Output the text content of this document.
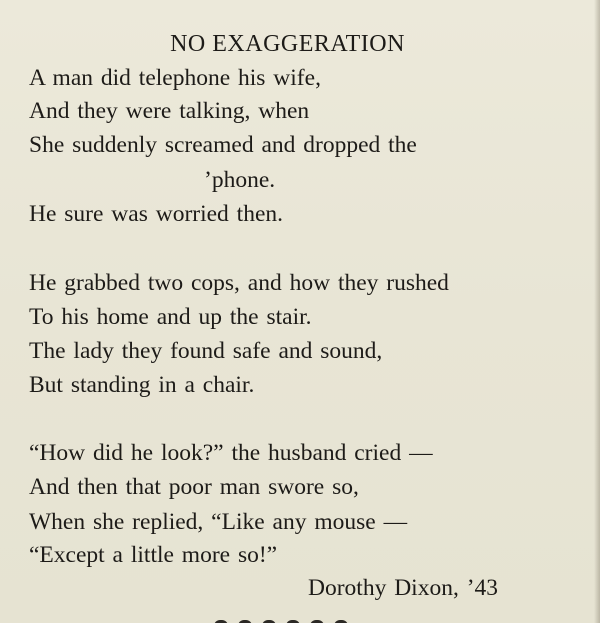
NO EXAGGERATION
A man did telephone his wife,
And they were talking, when
She suddenly screamed and dropped the
’phone.
He sure was worried then.
He grabbed two cops, and how they rushed
To his home and up the stair.
The lady they found safe and sound,
But standing in a chair.
“How did he look?” the husband cried —
And then that poor man swore so,
When she replied, “Like any mouse —
“Except a little more so!”
Dorothy Dixon, ’43
